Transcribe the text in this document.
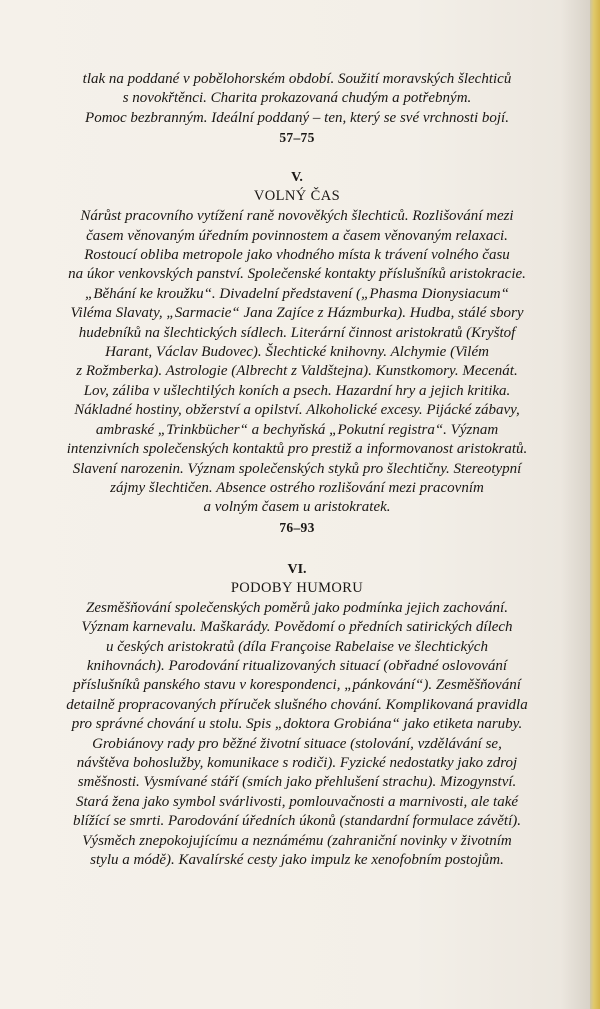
tlak na poddané v pobělohorském období. Soužití moravských šlechticů
s novokřtěnci. Charita prokazovaná chudým a potřebným.
Pomoc bezbranným. Ideální poddaný – ten, který se své vrchnosti bojí.

57–75
V.
VOLNÝ ČAS

Nárůst pracovního vytížení raně novověkých šlechticů. Rozlišování mezi
časem věnovaným úředním povinnostem a časem věnovaným relaxaci.
Rostoucí obliba metropole jako vhodného místa k trávení volného času
na úkor venkovských panství. Společenské kontakty příslušníků aristokracie.
„Běhání ke kroužku“. Divadelní představení („Phasma Dionysiacum“
Viléma Slavaty, „Sarmacie“ Jana Zajíce z Házmburka). Hudba, stálé sbory
hudebníků na šlechtických sídlech. Literární činnost aristokratů (Kryštof
Harant, Václav Budovec). Šlechtické knihovny. Alchymie (Vilém
z Rožmberka). Astrologie (Albrecht z Valdštejna). Kunstkomory. Mecenát.
Lov, záliba v ušlechtilých koních a psech. Hazardní hry a jejich kritika.
Nákladné hostiny, obžerství a opilství. Alkoholické excesy. Pijácké zábavy,
ambraské „Trinkbücher“ a bechyňská „Pokutní registra“. Význam
intenzivních společenských kontaktů pro prestiž a informovanost aristokratů.
Slavení narozenin. Význam společenských styků pro šlechtičny. Stereotypní
zájmy šlechtičen. Absence ostrého rozlišování mezi pracovním
a volným časem u aristokratek.

76–93
VI.
PODOBY HUMORU

Zesměšňování společenských poměrů jako podmínka jejich zachování.
Význam karnevalu. Maškarády. Povědomí o předních satirických dílech
u českých aristokratů (díla Françoise Rabelaise ve šlechtických
knihovnách). Parodování ritualizovaných situací (obřadné oslovování
příslušníků panského stavu v korespondenci, „pánkování“). Zesměšňování
detailně propracovaných příruček slušného chování. Komplikovaná pravidla
pro správné chování u stolu. Spis „doktora Grobiána“ jako etiketa naruby.
Grobiánovy rady pro běžné životní situace (stolování, vzdělávání se,
návštěva bohoslužby, komunikace s rodiči). Fyzické nedostatky jako zdroj
směšnosti. Vysmívané stáří (smích jako přehlušení strachu). Mizogynství.
Stará žena jako symbol svárlivosti, pomlouvačnosti a marnivosti, ale také
blížící se smrti. Parodování úředních úkonů (standardní formulace závětí).
Výsměch znepokojujícímu a neznámému (zahraniční novinky v životním
stylu a módě). Kavalírské cesty jako impulz ke xenofobním postojům.
